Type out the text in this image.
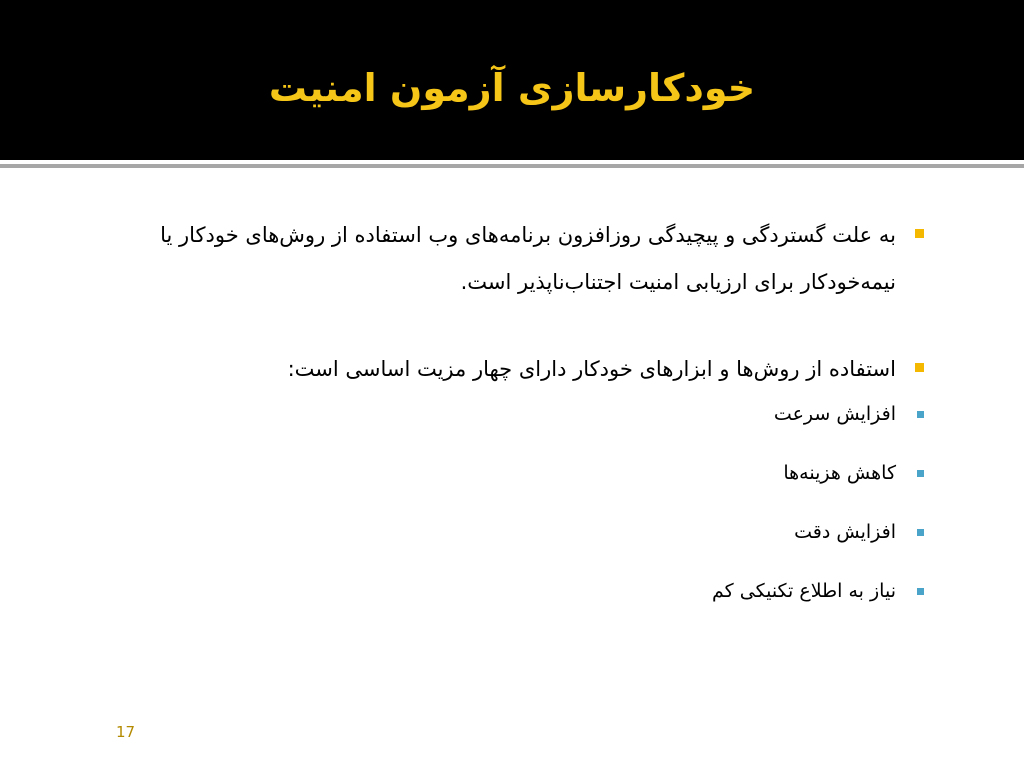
خودکارسازی آزمون امنیت
به علت گستردگی و پیچیدگی روزافزون برنامه‌های وب استفاده از روش‌های خودکار یا نیمه‌خودکار برای ارزیابی امنیت اجتناب‌ناپذیر است.
استفاده از روش‌ها و ابزارهای خودکار دارای چهار مزیت اساسی است:
افزایش سرعت
کاهش هزینه‌ها
افزایش دقت
نیاز به اطلاع تکنیکی کم
17
